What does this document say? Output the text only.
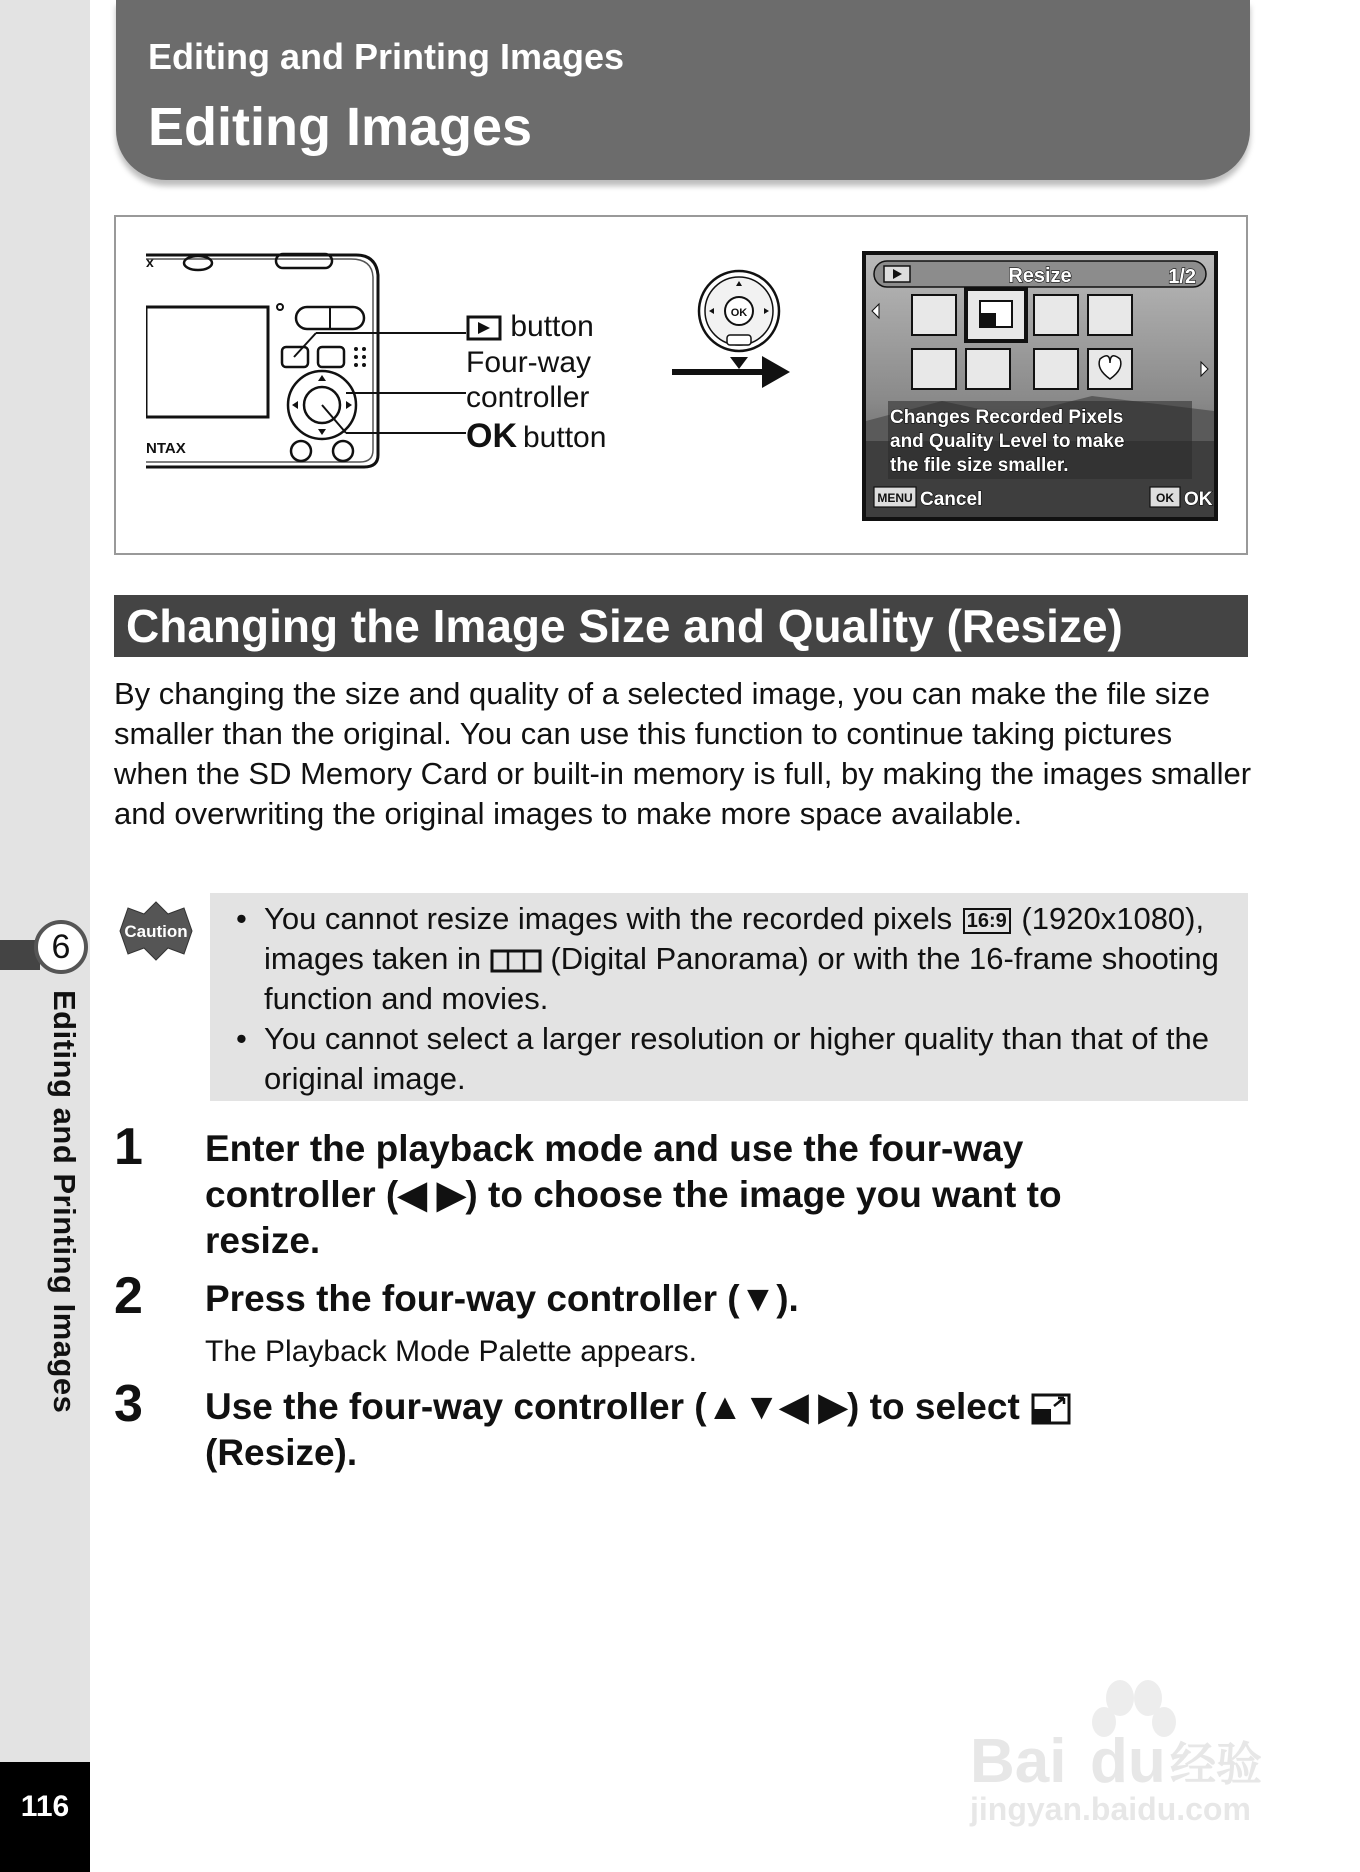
6
Editing and Printing Images
116
Editing and Printing Images
Editing Images
x
NTAX
button
Four-way
controller
OK button
OK
Resize	1/2
Changes Recorded Pixels
and Quality Level to make
the file size smaller.
MENU Cancel	OK OK
Changing the Image Size and Quality (Resize)
By changing the size and quality of a selected image, you can make the file size smaller than the original. You can use this function to continue taking pictures when the SD Memory Card or built-in memory is full, by making the images smaller and overwriting the original images to make more space available.
Caution • You cannot resize images with the recorded pixels 16:9 (1920x1080), images taken in (Digital Panorama) or with the 16-frame shooting function and movies.
• You cannot select a larger resolution or higher quality than that of the original image.
1 Enter the playback mode and use the four-way controller (◀ ▶) to choose the image you want to resize.
2 Press the four-way controller (▼).
The Playback Mode Palette appears.
3 Use the four-way controller (▲▼◀ ▶) to select
(Resize).
Bai du 经验
jingyan.baidu.com
